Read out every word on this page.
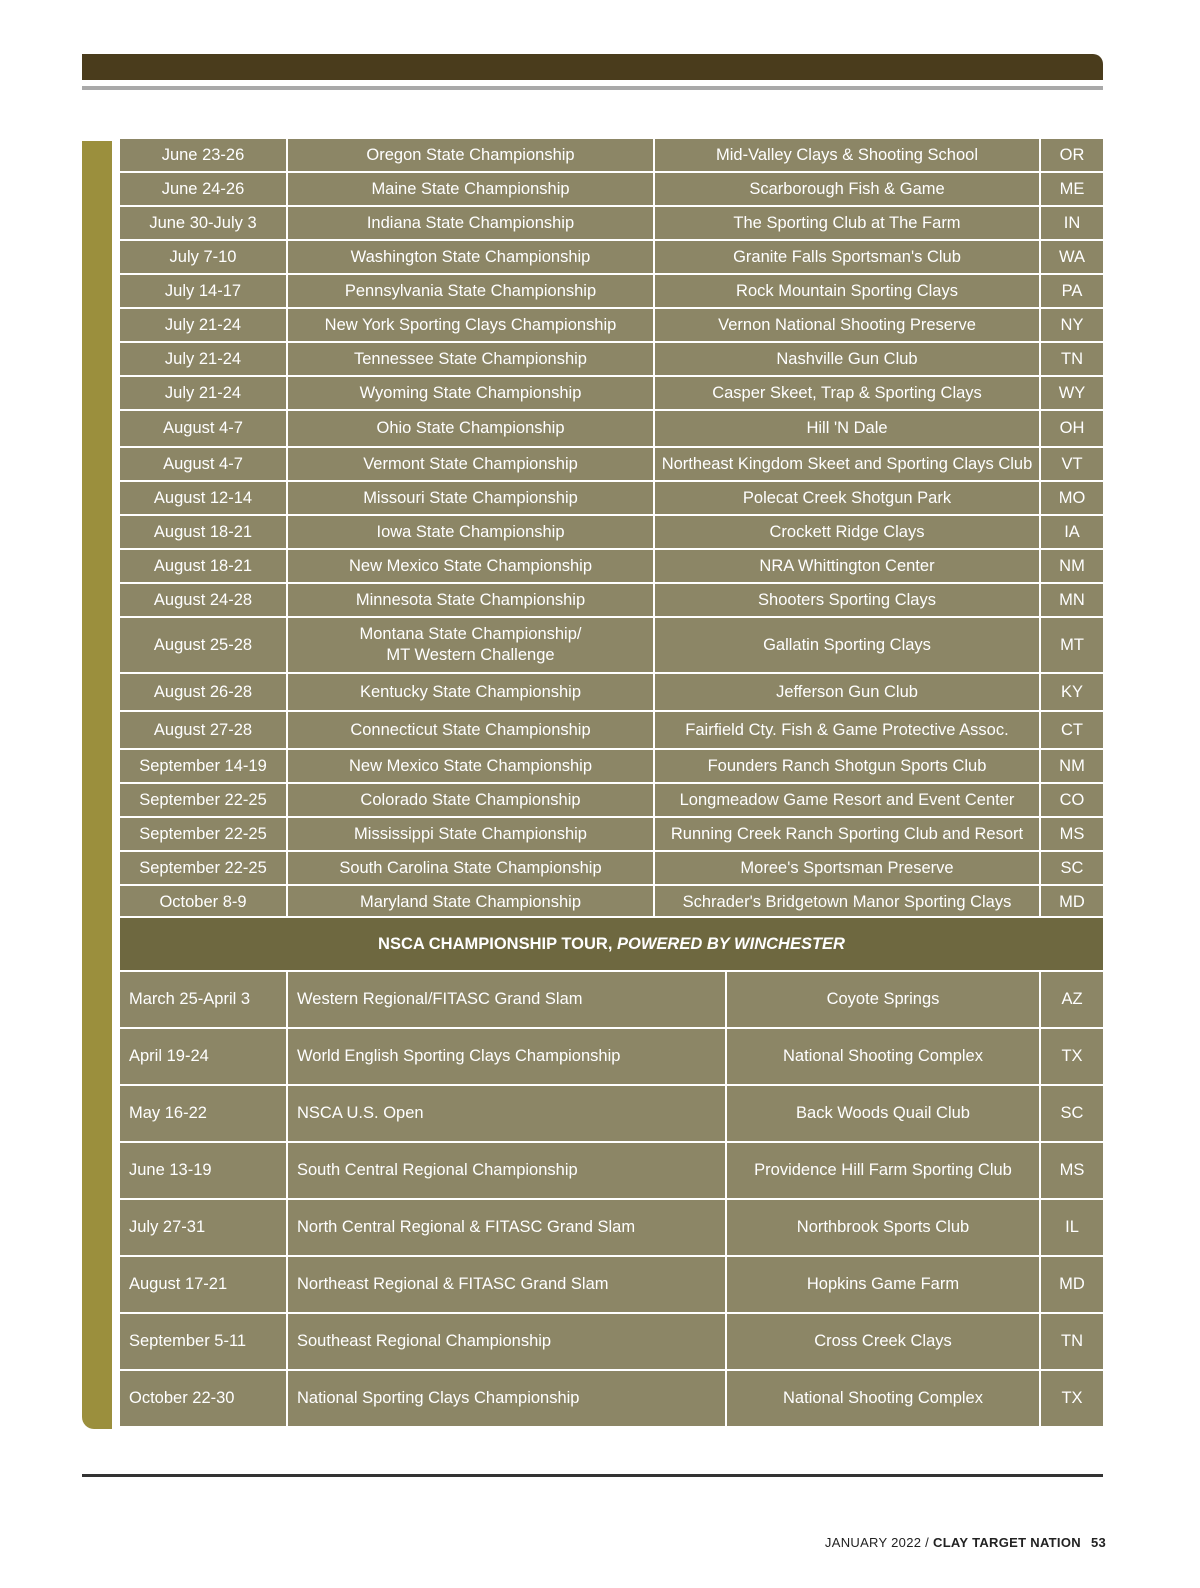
June 23-26	Oregon State Championship	Mid-Valley Clays & Shooting School	OR
June 24-26	Maine State Championship	Scarborough Fish & Game	ME
June 30-July 3	Indiana State Championship	The Sporting Club at The Farm	IN
July 7-10	Washington State Championship	Granite Falls Sportsman's Club	WA
July 14-17	Pennsylvania State Championship	Rock Mountain Sporting Clays	PA
July 21-24	New York Sporting Clays Championship	Vernon National Shooting Preserve	NY
July 21-24	Tennessee State Championship	Nashville Gun Club	TN
July 21-24	Wyoming State Championship	Casper Skeet, Trap & Sporting Clays	WY
August 4-7	Ohio State Championship	Hill 'N Dale	OH
August 4-7	Vermont State Championship	Northeast Kingdom Skeet and Sporting Clays Club	VT
August 12-14	Missouri State Championship	Polecat Creek Shotgun Park	MO
August 18-21	Iowa State Championship	Crockett Ridge Clays	IA
August 18-21	New Mexico State Championship	NRA Whittington Center	NM
August 24-28	Minnesota State Championship	Shooters Sporting Clays	MN
August 25-28	Montana State Championship/
MT Western Challenge	Gallatin Sporting Clays	MT
August 26-28	Kentucky State Championship	Jefferson Gun Club	KY
August 27-28	Connecticut State Championship	Fairfield Cty. Fish & Game Protective Assoc.	CT
September 14-19	New Mexico State Championship	Founders Ranch Shotgun Sports Club	NM
September 22-25	Colorado State Championship	Longmeadow Game Resort and Event Center	CO
September 22-25	Mississippi State Championship	Running Creek Ranch Sporting Club and Resort	MS
September 22-25	South Carolina State Championship	Moree's Sportsman Preserve	SC
October 8-9	Maryland State Championship	Schrader's Bridgetown Manor Sporting Clays	MD
NSCA CHAMPIONSHIP TOUR, POWERED BY WINCHESTER			
March 25-April 3	Western Regional/FITASC Grand Slam	Coyote Springs	AZ
April 19-24	World English Sporting Clays Championship	National Shooting Complex	TX
May 16-22	NSCA U.S. Open	Back Woods Quail Club	SC
June 13-19	South Central Regional Championship	Providence Hill Farm Sporting Club	MS
July 27-31	North Central Regional & FITASC Grand Slam	Northbrook Sports Club	IL
August 17-21	Northeast Regional & FITASC Grand Slam	Hopkins Game Farm	MD
September 5-11	Southeast Regional Championship	Cross Creek Clays	TN
October 22-30	National Sporting Clays Championship	National Shooting Complex	TX
JANUARY 2022 / CLAY TARGET NATION 53
